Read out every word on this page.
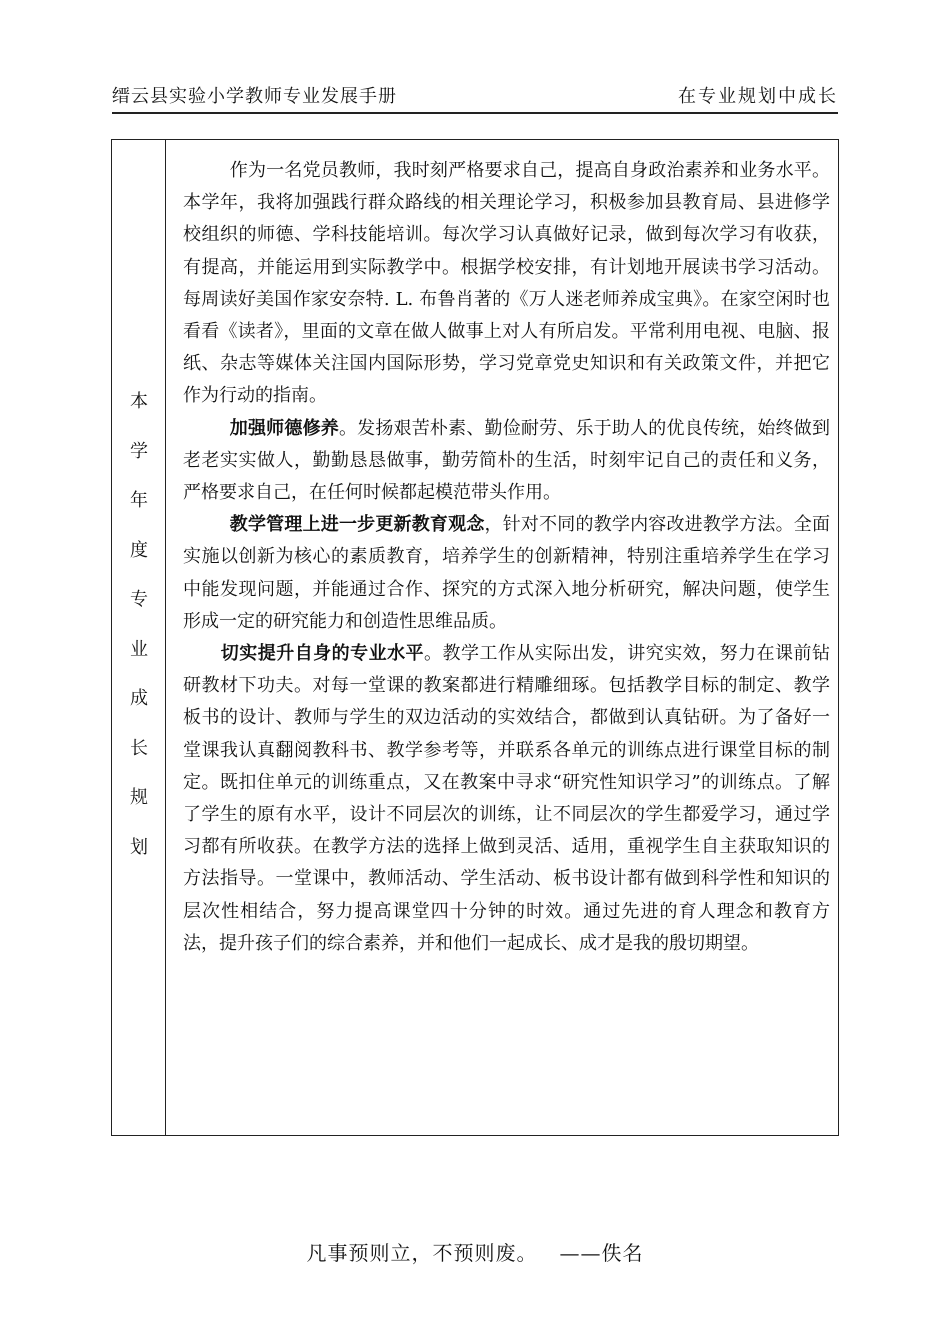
缙云县实验小学教师专业发展手册	在专业规划中成长
本
学
年
度
专
业
成
长
规
划

作为一名党员教师，我时刻严格要求自己，提高自身政治素养和业务水平。本学年，我将加强践行群众路线的相关理论学习，积极参加县教育局、县进修学校组织的师德、学科技能培训。每次学习认真做好记录，做到每次学习有收获，有提高，并能运用到实际教学中。根据学校安排，有计划地开展读书学习活动。每周读好美国作家安奈特. L. 布鲁肖著的《万人迷老师养成宝典》。在家空闲时也看看《读者》，里面的文章在做人做事上对人有所启发。平常利用电视、电脑、报纸、杂志等媒体关注国内国际形势，学习党章党史知识和有关政策文件，并把它作为行动的指南。

加强师德修养。发扬艰苦朴素、勤俭耐劳、乐于助人的优良传统，始终做到老老实实做人，勤勤恳恳做事，勤劳简朴的生活，时刻牢记自己的责任和义务，严格要求自己，在任何时候都起模范带头作用。

教学管理上进一步更新教育观念，针对不同的教学内容改进教学方法。全面实施以创新为核心的素质教育，培养学生的创新精神，特别注重培养学生在学习中能发现问题，并能通过合作、探究的方式深入地分析研究，解决问题，使学生形成一定的研究能力和创造性思维品质。

切实提升自身的专业水平。教学工作从实际出发，讲究实效，努力在课前钻研教材下功夫。对每一堂课的教案都进行精雕细琢。包括教学目标的制定、教学板书的设计、教师与学生的双边活动的实效结合，都做到认真钻研。为了备好一堂课我认真翻阅教科书、教学参考等，并联系各单元的训练点进行课堂目标的制定。既扣住单元的训练重点，又在教案中寻求“研究性知识学习”的训练点。了解了学生的原有水平，设计不同层次的训练，让不同层次的学生都爱学习，通过学习都有所收获。在教学方法的选择上做到灵活、适用，重视学生自主获取知识的方法指导。一堂课中，教师活动、学生活动、板书设计都有做到科学性和知识的层次性相结合，努力提高课堂四十分钟的时效。通过先进的育人理念和教育方法，提升孩子们的综合素养，并和他们一起成长、成才是我的殷切期望。

凡事预则立，不预则废。 ——佚名
